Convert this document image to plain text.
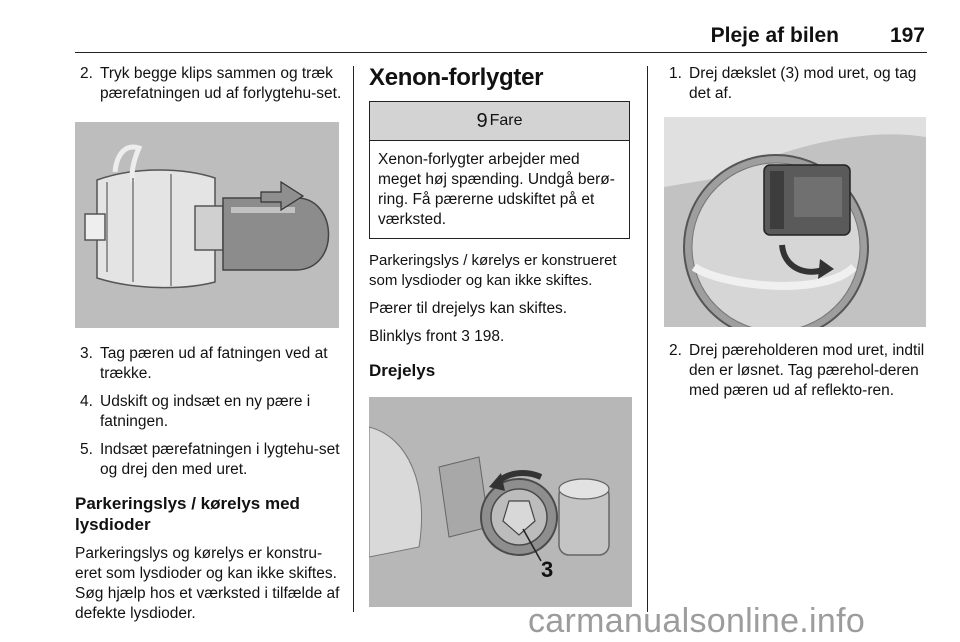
Pleje af bilen 197
2. Tryk begge klips sammen og træk pærefatningen ud af forlygtehu-set.
3. Tag pæren ud af fatningen ved at trække.
4. Udskift og indsæt en ny pære i fatningen.
5. Indsæt pærefatningen i lygtehu-set og drej den med uret.
Parkeringslys / kørelys med lysdioder

Parkeringslys og kørelys er konstru-eret som lysdioder og kan ikke skiftes. Søg hjælp hos et værksted i tilfælde af defekte lysdioder.

Xenon-forlygter
9 Fare
Xenon-forlygter arbejder med meget høj spænding. Undgå berø-ring. Få pærerne udskiftet på et værksted.

Parkeringslys / kørelys er konstrueret som lysdioder og kan ikke skiftes.

Pærer til drejelys kan skiftes.

Blinklys front 3 198.

Drejelys
3
1. Drej dækslet (3) mod uret, og tag det af.
2. Drej pæreholderen mod uret, indtil den er løsnet. Tag pærehol-deren med pæren ud af reflekto-ren.
carmanualsonline.info
